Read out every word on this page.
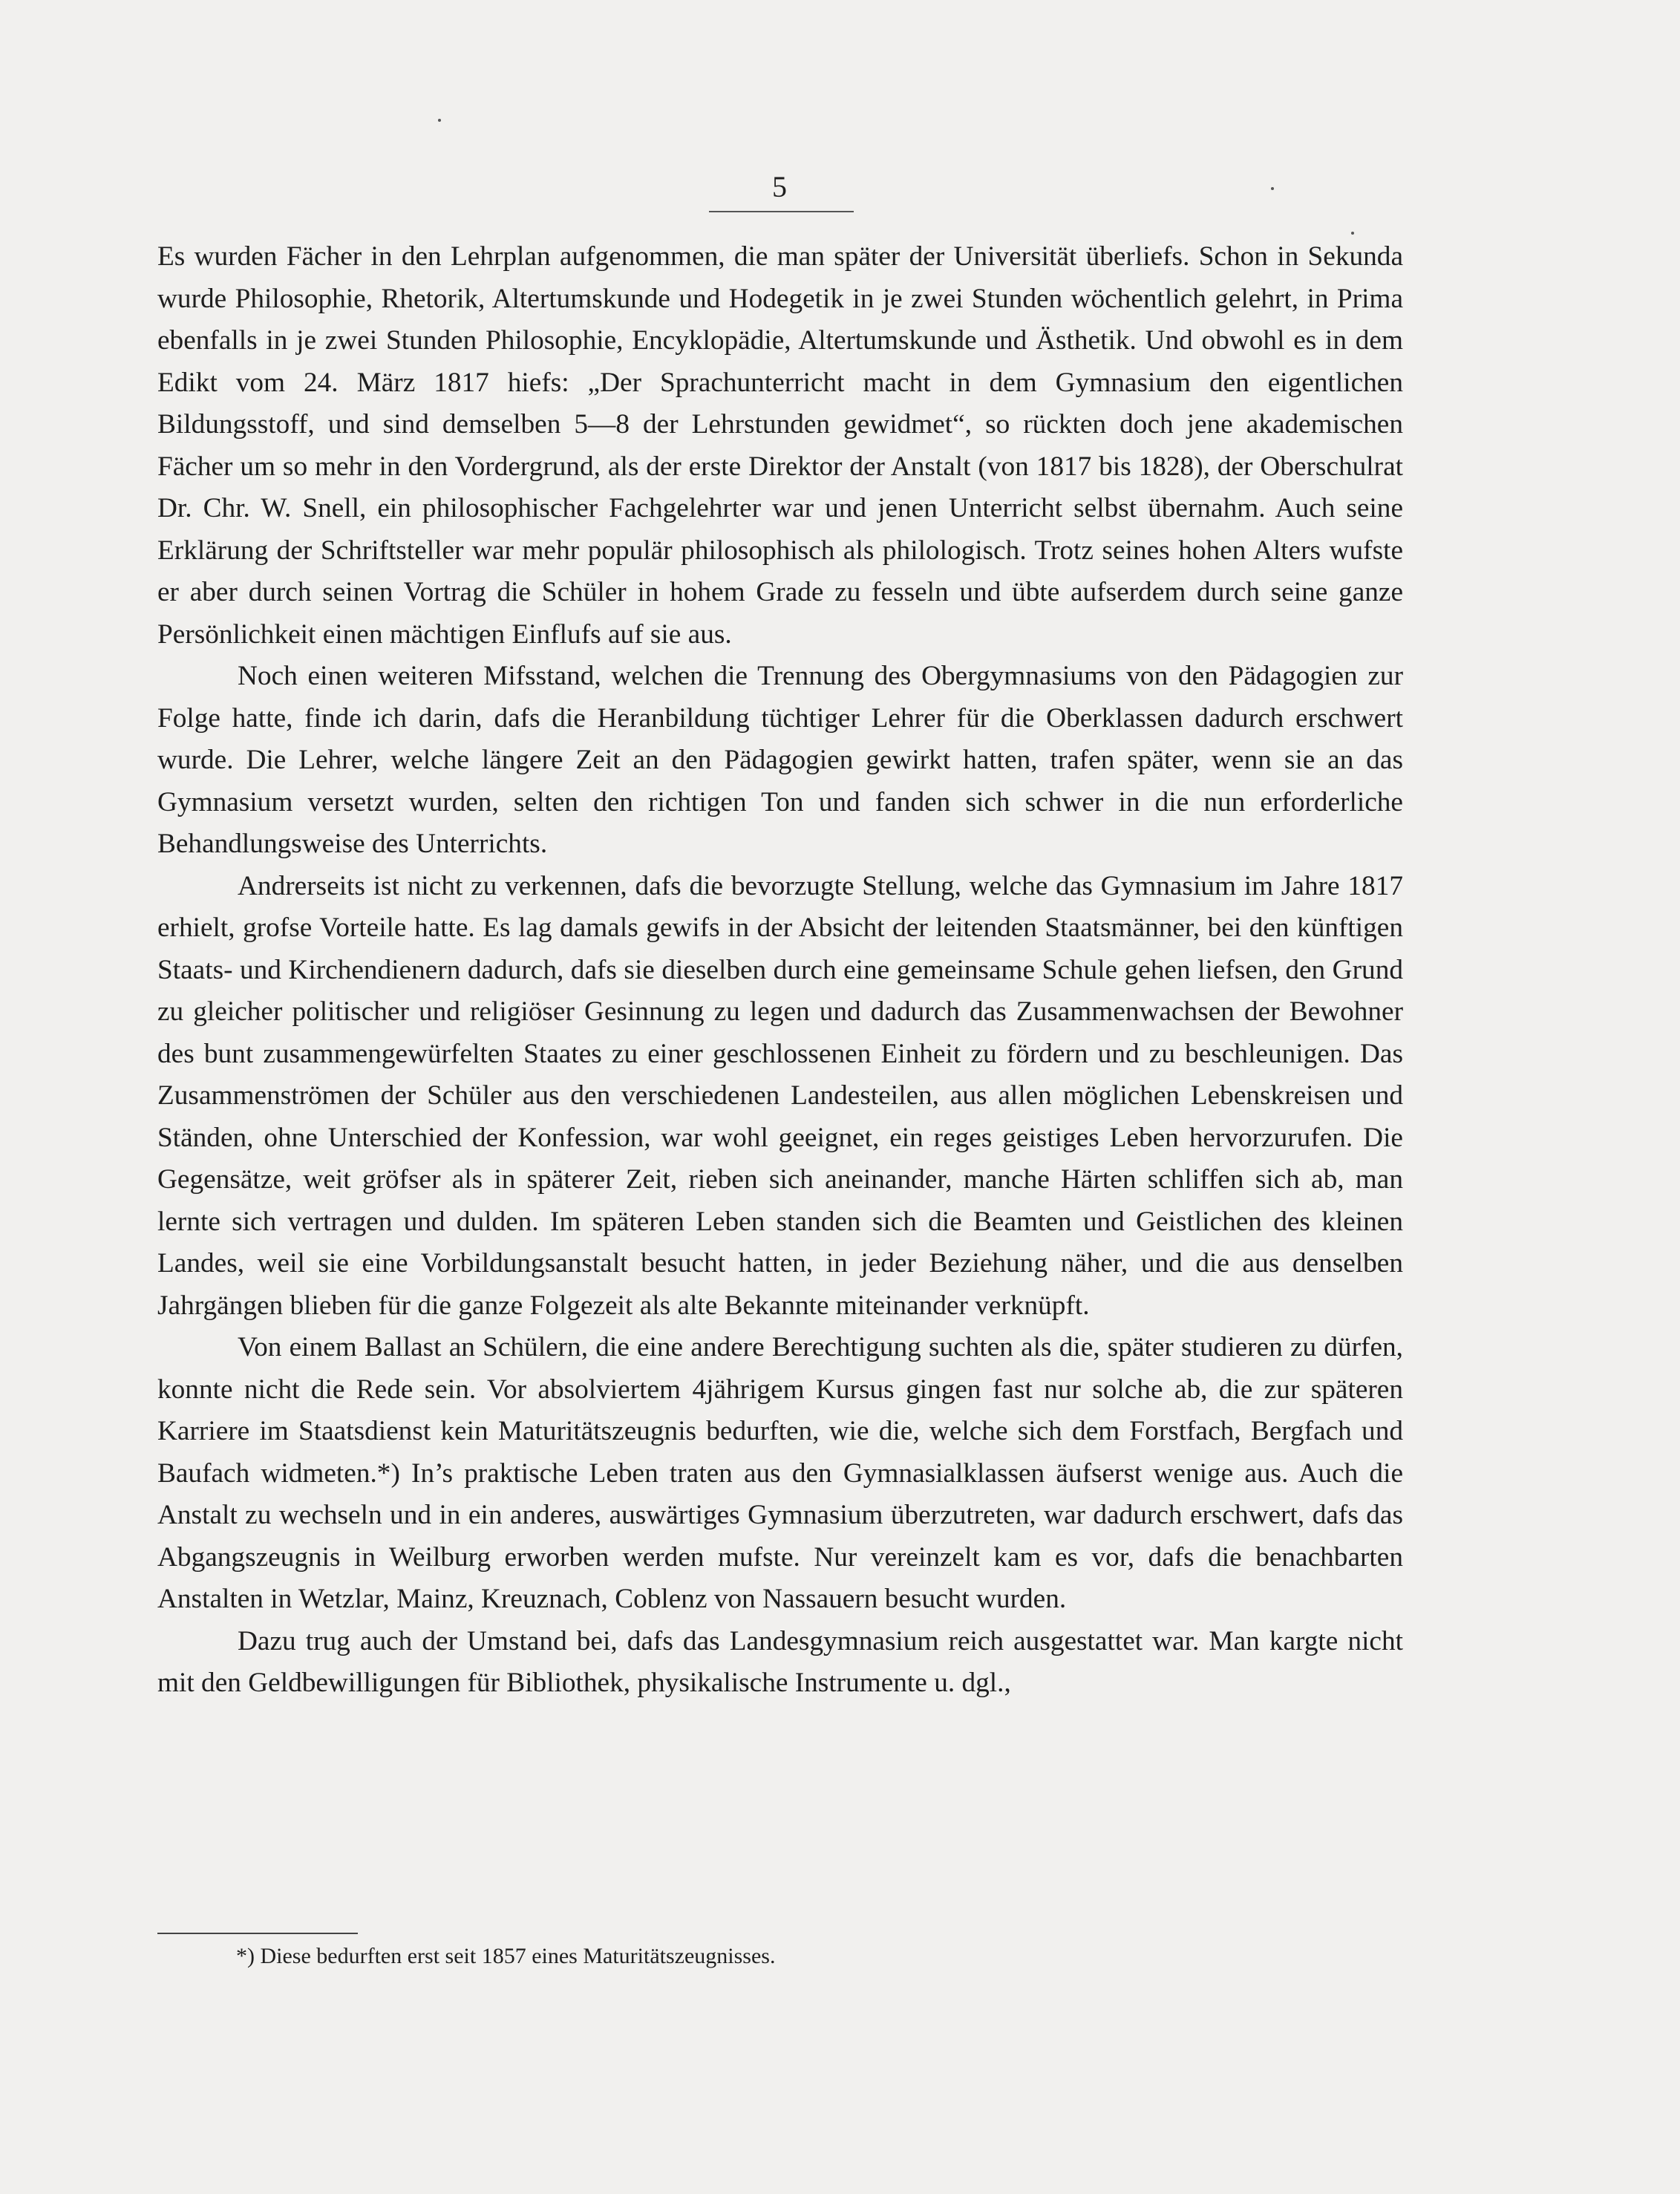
5

Es wurden Fächer in den Lehrplan aufgenommen, die man später der Universität überliefs. Schon in Sekunda wurde Philosophie, Rhetorik, Altertumskunde und Hodegetik in je zwei Stunden wöchentlich gelehrt, in Prima ebenfalls in je zwei Stunden Philosophie, Encyklopädie, Altertumskunde und Ästhetik. Und obwohl es in dem Edikt vom 24. März 1817 hiefs: „Der Sprachunterricht macht in dem Gymnasium den eigentlichen Bildungsstoff, und sind demselben 5—8 der Lehrstunden gewidmet“, so rückten doch jene akademischen Fächer um so mehr in den Vordergrund, als der erste Direktor der Anstalt (von 1817 bis 1828), der Oberschulrat Dr. Chr. W. Snell, ein philosophischer Fachgelehrter war und jenen Unterricht selbst übernahm. Auch seine Erklärung der Schriftsteller war mehr populär philosophisch als philologisch. Trotz seines hohen Alters wufste er aber durch seinen Vortrag die Schüler in hohem Grade zu fesseln und übte aufserdem durch seine ganze Persönlichkeit einen mächtigen Einflufs auf sie aus.

Noch einen weiteren Mifsstand, welchen die Trennung des Obergymnasiums von den Pädagogien zur Folge hatte, finde ich darin, dafs die Heranbildung tüchtiger Lehrer für die Oberklassen dadurch erschwert wurde. Die Lehrer, welche längere Zeit an den Pädagogien gewirkt hatten, trafen später, wenn sie an das Gymnasium versetzt wurden, selten den richtigen Ton und fanden sich schwer in die nun erforderliche Behandlungsweise des Unterrichts.

Andrerseits ist nicht zu verkennen, dafs die bevorzugte Stellung, welche das Gymnasium im Jahre 1817 erhielt, grofse Vorteile hatte. Es lag damals gewifs in der Absicht der leitenden Staatsmänner, bei den künftigen Staats- und Kirchendienern dadurch, dafs sie dieselben durch eine gemeinsame Schule gehen liefsen, den Grund zu gleicher politischer und religiöser Gesinnung zu legen und dadurch das Zusammenwachsen der Bewohner des bunt zusammengewürfelten Staates zu einer geschlossenen Einheit zu fördern und zu beschleunigen. Das Zusammenströmen der Schüler aus den verschiedenen Landesteilen, aus allen möglichen Lebenskreisen und Ständen, ohne Unterschied der Konfession, war wohl geeignet, ein reges geistiges Leben hervorzurufen. Die Gegensätze, weit gröfser als in späterer Zeit, rieben sich aneinander, manche Härten schliffen sich ab, man lernte sich vertragen und dulden. Im späteren Leben standen sich die Beamten und Geistlichen des kleinen Landes, weil sie eine Vorbildungsanstalt besucht hatten, in jeder Beziehung näher, und die aus denselben Jahrgängen blieben für die ganze Folgezeit als alte Bekannte miteinander verknüpft.

Von einem Ballast an Schülern, die eine andere Berechtigung suchten als die, später studieren zu dürfen, konnte nicht die Rede sein. Vor absolviertem 4jährigem Kursus gingen fast nur solche ab, die zur späteren Karriere im Staatsdienst kein Maturitätszeugnis bedurften, wie die, welche sich dem Forstfach, Bergfach und Baufach widmeten.*) In’s praktische Leben traten aus den Gymnasialklassen äufserst wenige aus. Auch die Anstalt zu wechseln und in ein anderes, auswärtiges Gymnasium überzutreten, war dadurch erschwert, dafs das Abgangszeugnis in Weilburg erworben werden mufste. Nur vereinzelt kam es vor, dafs die benachbarten Anstalten in Wetzlar, Mainz, Kreuznach, Coblenz von Nassauern besucht wurden.

Dazu trug auch der Umstand bei, dafs das Landesgymnasium reich ausgestattet war. Man kargte nicht mit den Geldbewilligungen für Bibliothek, physikalische Instrumente u. dgl.,

*) Diese bedurften erst seit 1857 eines Maturitätszeugnisses.
